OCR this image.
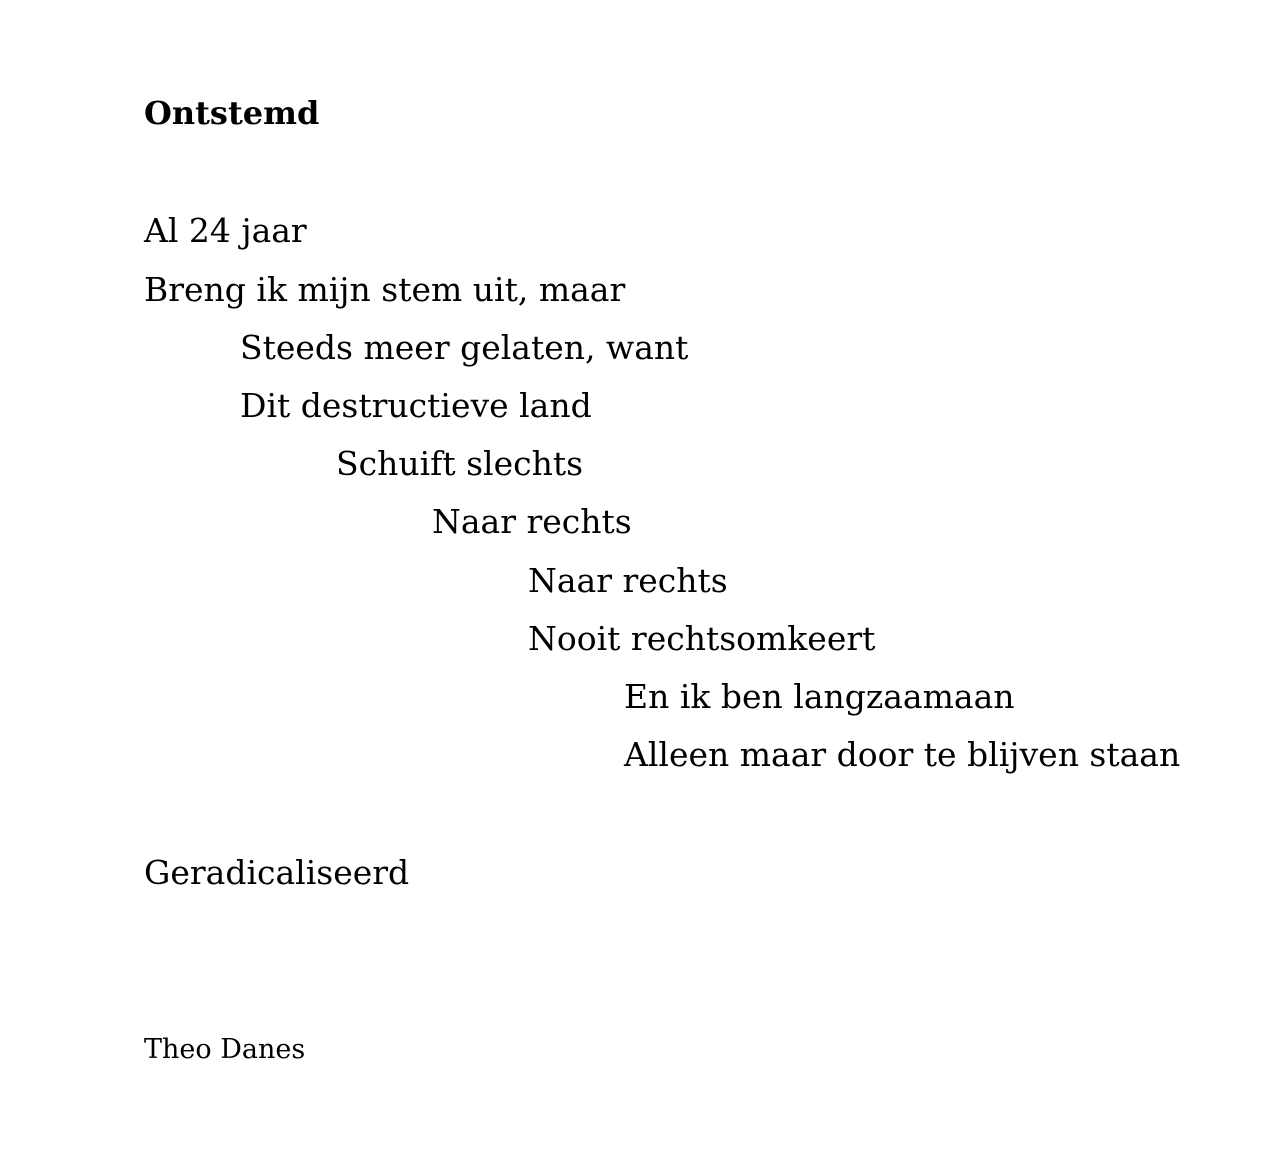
Ontstemd
Al 24 jaar
Breng ik mijn stem uit, maar
Steeds meer gelaten, want
Dit destructieve land
Schuift slechts
Naar rechts
Naar rechts
Nooit rechtsomkeert
En ik ben langzaamaan
Alleen maar door te blijven staan
Geradicaliseerd
Theo Danes
